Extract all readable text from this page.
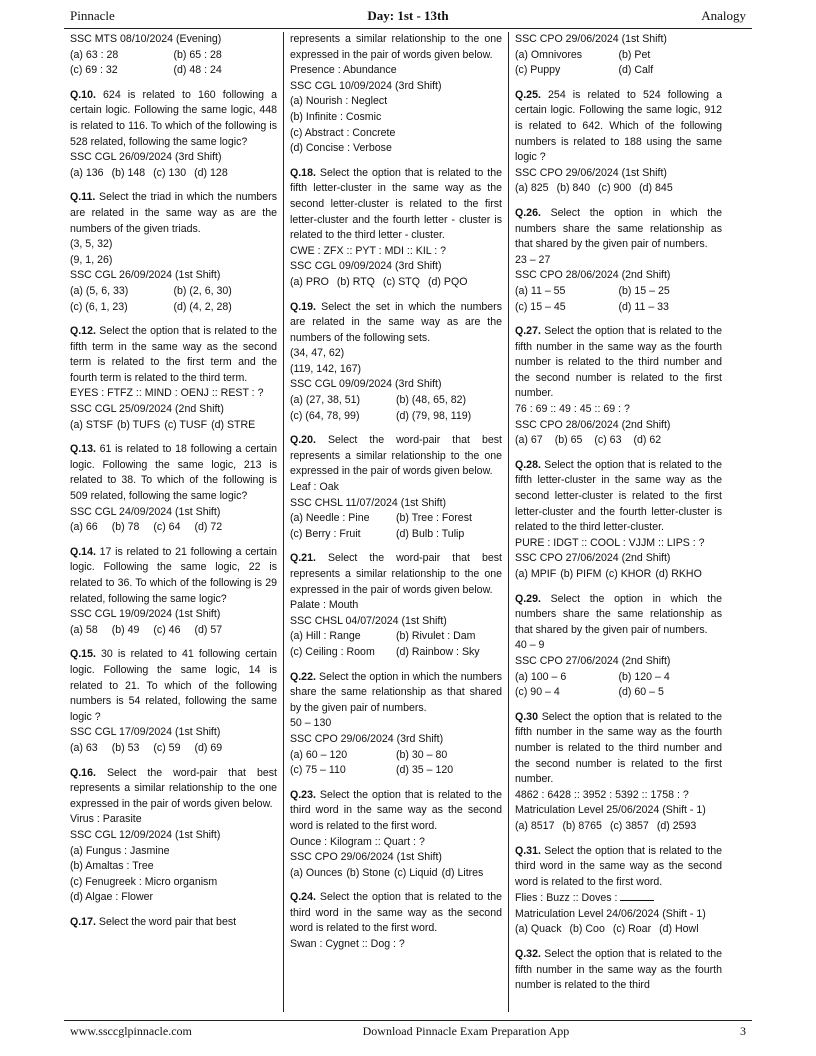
Pinnacle	Day: 1st - 13th	Analogy
SSC MTS 08/10/2024 (Evening)
(a) 63 : 28	(b) 65 : 28
(c) 69 : 32	(d) 48 : 24
Q.10. 624 is related to 160 following a certain logic. Following the same logic, 448 is related to 116. To which of the following is 528 related, following the same logic?
SSC CGL 26/09/2024 (3rd Shift)
(a) 136 (b) 148 (c) 130 (d) 128
Q.11. Select the triad in which the numbers are related in the same way as are the numbers of the given triads.
(3, 5, 32)
(9, 1, 26)
SSC CGL 26/09/2024 (1st Shift)
(a) (5, 6, 33)	(b) (2, 6, 30)
(c) (6, 1, 23)	(d) (4, 2, 28)
Q.12. Select the option that is related to the fifth term in the same way as the second term is related to the first term and the fourth term is related to the third term.
EYES : FTFZ :: MIND : OENJ :: REST : ?
SSC CGL 25/09/2024 (2nd Shift)
(a) STSF (b) TUFS (c) TUSF (d) STRE
Q.13. 61 is related to 18 following a certain logic. Following the same logic, 213 is related to 38. To which of the following is 509 related, following the same logic?
SSC CGL 24/09/2024 (1st Shift)
(a) 66 (b) 78 (c) 64 (d) 72
Q.14. 17 is related to 21 following a certain logic. Following the same logic, 22 is related to 36. To which of the following is 29 related, following the same logic?
SSC CGL 19/09/2024 (1st Shift)
(a) 58 (b) 49 (c) 46 (d) 57
Q.15. 30 is related to 41 following certain logic. Following the same logic, 14 is related to 21. To which of the following numbers is 54 related, following the same logic ?
SSC CGL 17/09/2024 (1st Shift)
(a) 63 (b) 53 (c) 59 (d) 69
Q.16. Select the word-pair that best represents a similar relationship to the one expressed in the pair of words given below.
Virus : Parasite
SSC CGL 12/09/2024 (1st Shift)
(a) Fungus : Jasmine
(b) Amaltas : Tree
(c) Fenugreek : Micro organism
(d) Algae : Flower
Q.17. Select the word pair that best
represents a similar relationship to the one expressed in the pair of words given below.
Presence : Abundance
SSC CGL 10/09/2024 (3rd Shift)
(a) Nourish : Neglect
(b) Infinite : Cosmic
(c) Abstract : Concrete
(d) Concise : Verbose
Q.18. Select the option that is related to the fifth letter-cluster in the same way as the second letter-cluster is related to the first letter-cluster and the fourth letter - cluster is related to the third letter - cluster.
CWE : ZFX :: PYT : MDI :: KIL : ?
SSC CGL 09/09/2024 (3rd Shift)
(a) PRO (b) RTQ (c) STQ (d) PQO
Q.19. Select the set in which the numbers are related in the same way as are the numbers of the following sets.
(34, 47, 62)
(119, 142, 167)
SSC CGL 09/09/2024 (3rd Shift)
(a) (27, 38, 51)	(b) (48, 65, 82)
(c) (64, 78, 99)	(d) (79, 98, 119)
Q.20. Select the word-pair that best represents a similar relationship to the one expressed in the pair of words given below.
Leaf : Oak
SSC CHSL 11/07/2024 (1st Shift)
(a) Needle : Pine	(b) Tree : Forest
(c) Berry : Fruit	(d) Bulb : Tulip
Q.21. Select the word-pair that best represents a similar relationship to the one expressed in the pair of words given below.
Palate : Mouth
SSC CHSL 04/07/2024 (1st Shift)
(a) Hill : Range	(b) Rivulet : Dam
(c) Ceiling : Room	(d) Rainbow : Sky
Q.22. Select the option in which the numbers share the same relationship as that shared by the given pair of numbers.
50 – 130
SSC CPO 29/06/2024 (3rd Shift)
(a) 60 – 120	(b) 30 – 80
(c) 75 – 110	(d) 35 – 120
Q.23. Select the option that is related to the third word in the same way as the second word is related to the first word.
Ounce : Kilogram :: Quart : ?
SSC CPO 29/06/2024 (1st Shift)
(a) Ounces (b) Stone (c) Liquid (d) Litres
Q.24. Select the option that is related to the third word in the same way as the second word is related to the first word.
Swan : Cygnet :: Dog : ?
SSC CPO 29/06/2024 (1st Shift)
(a) Omnivores	(b) Pet
(c) Puppy	(d) Calf
Q.25. 254 is related to 524 following a certain logic. Following the same logic, 912 is related to 642. Which of the following numbers is related to 188 using the same logic ?
SSC CPO 29/06/2024 (1st Shift)
(a) 825 (b) 840 (c) 900 (d) 845
Q.26. Select the option in which the numbers share the same relationship as that shared by the given pair of numbers.
23 – 27
SSC CPO 28/06/2024 (2nd Shift)
(a) 11 – 55	(b) 15 – 25
(c) 15 – 45	(d) 11 – 33
Q.27. Select the option that is related to the fifth number in the same way as the fourth number is related to the third number and the second number is related to the first number.
76 : 69 :: 49 : 45 :: 69 : ?
SSC CPO 28/06/2024 (2nd Shift)
(a) 67 (b) 65 (c) 63 (d) 62
Q.28. Select the option that is related to the fifth letter-cluster in the same way as the second letter-cluster is related to the first letter-cluster and the fourth letter-cluster is related to the third letter-cluster.
PURE : IDGT :: COOL : VJJM :: LIPS : ?
SSC CPO 27/06/2024 (2nd Shift)
(a) MPIF (b) PIFM (c) KHOR (d) RKHO
Q.29. Select the option in which the numbers share the same relationship as that shared by the given pair of numbers.
40 – 9
SSC CPO 27/06/2024 (2nd Shift)
(a) 100 – 6	(b) 120 – 4
(c) 90 – 4	(d) 60 – 5
Q.30 Select the option that is related to the fifth number in the same way as the fourth number is related to the third number and the second number is related to the first number.
4862 : 6428 :: 3952 : 5392 :: 1758 : ?
Matriculation Level 25/06/2024 (Shift - 1)
(a) 8517 (b) 8765 (c) 3857 (d) 2593
Q.31. Select the option that is related to the third word in the same way as the second word is related to the first word.
Flies : Buzz :: Doves :
Matriculation Level 24/06/2024 (Shift - 1)
(a) Quack (b) Coo (c) Roar (d) Howl
Q.32. Select the option that is related to the fifth number in the same way as the fourth number is related to the third
www.ssccglpinnacle.com	Download Pinnacle Exam Preparation App	3
